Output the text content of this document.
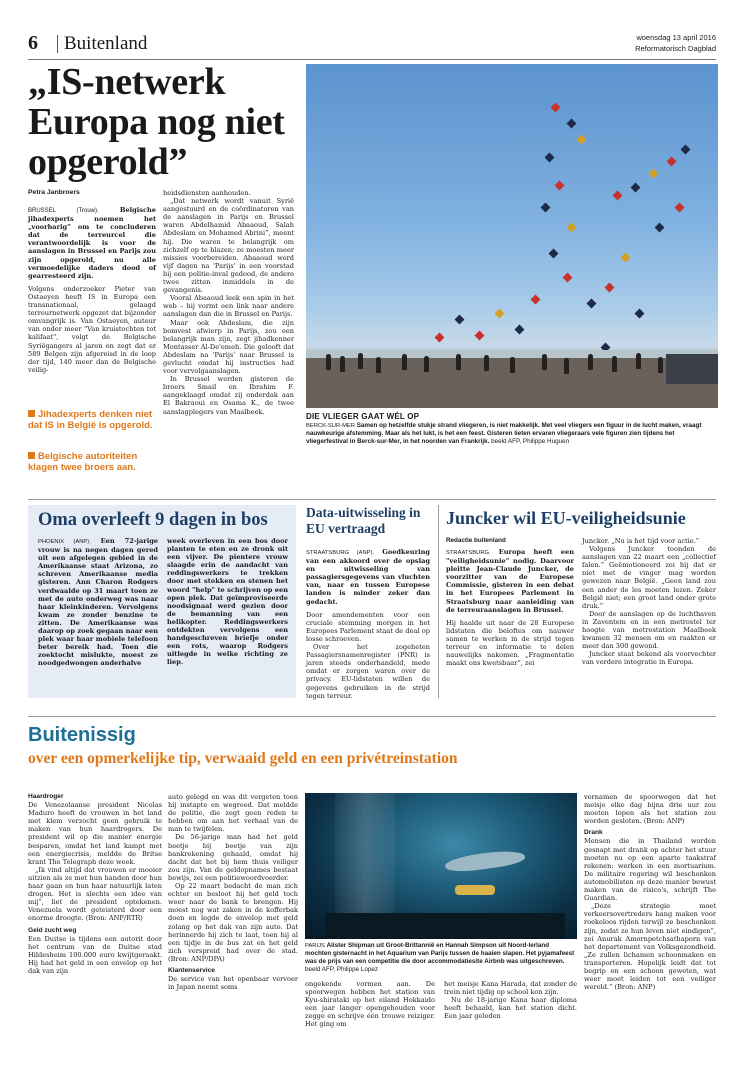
6 Buitenland	woensdag 13 april 2016
Reformatorisch Dagblad
„IS-netwerk Europa nog niet opgerold”
Petra Janbroers

BRUSSEL (Trouw).	Belgische jihadexperts noemen het „voorbarig” om te concluderen dat de terreurcel die verantwoordelijk is voor de aanslagen in Brussel en Parijs zou zijn opgerold, nu alle vermoedelijke daders dood of gearresteerd zijn.

Volgens onderzoeker Pieter van Ostaeyen heeft IS in Europa een transnationaal, gelaagd terreurnetwerk opgezet dat bijzonder omvangrijk is. Van Ostaeyen, auteur van onder meer "Van kruistochten tot kalifaat", volgt de Belgische Syriëgangers al jaren en zegt dat er 589 Belgen zijn afgereisd in de loop der tijd, 140 meer dan de Belgische veilig-

Jihadexperts denken niet dat IS in België is opgerold.
Belgische autoriteiten klagen twee broers aan.

heidsdiensten aanhouden.

„Dat netwerk wordt vanuit Syrië aangestuurd en de coördinatoren van de aanslagen in Parijs en Brussel waren Abdelhamid Abaaoud, Salah Abdeslam en Mohamed Abrini”, meent hij. Die waren te belangrijk om zichzelf op te blazen; ze moesten meer missies voorbereiden. Abaaoud werd vijf dagen na 'Parijs' in een voorstad bij een politie-inval gedood, de andere twee zitten inmiddels in de gevangenis.

Vooral Abaaoud leek een spin in het web – hij vormt een link naar andere aanslagen dan die in Brussel en Parijs.

Maar ook Abdeslam, die zijn bomvest afwierp in Parijs, zou een belangrijk man zijn, zegt jihadkenner Montasser Al-De'emeh. Die gelooft dat Abdeslam na 'Parijs' naar Brussel is gevlucht omdat hij instructies had voor vervolgaanslagen.

In Brussel werden gisteren de broers Smail en Ibrahim F. aangeklaagd omdat zij onderdak aan El Bakraoui en Osama K., de twee aanslagplegers van Maalbeek.

DIE VLIEGER GAAT WÉL OP
BERCK-SUR-MER Samen op hetzelfde stukje strand vliegeren, is niet makkelijk. Met veel vliegers een figuur in de lucht maken, vraagt nauwkeurige afstemming. Maar als het lukt, is het een feest. Gisteren lieten ervaren vliegeraars vele figuren zien tijdens het vliegerfestival in Berck-sur-Mer, in het noorden van Frankrijk. beeld AFP, Philippe Huguen
Oma overleeft 9 dagen in bos

PHOENIX (ANP). Een 72-jarige vrouw is na negen dagen gered uit een afgelegen gebied in de Amerikaanse staat Arizona, zo schreven Amerikaanse media gisteren. Ann Charon Rodgers verdwaalde op 31 maart toen ze met de auto onderweg was naar haar kleinkinderen. Vervolgens kwam ze zonder benzine te zitten. De Amerikaanse was daarop op zoek gegaan naar een plek waar haar mobiele telefoon beter bereik had. Toen die zoektocht mislukte, moest ze noodgedwongen anderhalve

week overleven in een bos door planten te eten en ze dronk uit een vijver. De pientere vrouw slaagde erin de aandacht van reddingswerkers te trekken door met stokken en stenen het woord "help" te schrijven op een open plek. Dat geïmproviseerde noodsignaal werd gezien door de bemanning van een helikopter. Reddingswerkers ontdekten vervolgens een handgeschreven briefje onder een rots, waarop Rodgers uitlegde in welke richting ze liep.

Data-uitwisseling in EU vertraagd

STRAATSBURG (ANP). Goedkeuring van een akkoord over de opslag en uitwisseling van passagiersgegevens van vluchten van, naar en tussen Europese landen is minder zeker dan gedacht.

Door amendementen voor een cruciale stemming morgen in het Europees Parlement staat de deal op losse schroeven.

Over het zogeheten Passagiersnamenregister (PNR) is jaren steeds onderhandeld, mede omdat er zorgen waren over de privacy. EU-lidstaten willen de gegevens gebruiken in de strijd tegen terreur.

Juncker wil EU-veiligheidsunie
Redactie buitenland

STRAATSBURG. Europa heeft een "veiligheidsunie" nodig. Daarvoor pleitte Jean-Claude Juncker, de voorzitter van de Europese Commissie, gisteren in een debat in het Europees Parlement in Straatsburg naar aanleiding van de terreuraanslagen in Brussel.

Hij haalde uit naar de 28 Europese lidstaten die beloftes om nauwer samen te werken in de strijd tegen terreur en informatie te delen nauwelijks nakomen. „Fragmentatie maakt ons kwetsbaar”, zei

Juncker. „Nu is het tijd voor actie.”

Volgens Juncker toonden de aanslagen van 22 maart een „collectief falen.” Geëmotioneerd zei hij dat er niet met de vinger mag worden gewezen naar België. „Geen land zou een ander de les moeten lezen. Zeker België niet; een groot land onder grote druk.”

Door de aanslagen op de luchthaven in Zaventem en in een metrostel ter hoogte van metrostation Maalbeek kwamen 32 mensen om en raakten er meer dan 300 gewond.

Juncker staat bekend als voorvechter van verdere integratie in Europa.

Buitenissig
over een opmerkelijke tip, verwaaid geld en een privétreinstation

Haardroger

De Venezolaanse president Nicolas Maduro heeft de vrouwen in het land met klem verzocht geen gebruik te maken van hun haardrogers. De president wil op die manier energie besparen, omdat het land kampt met een energiecrisis, meldde de Britse krant The Telegraph deze week.

„Ik vind altijd dat vrouwen er mooier uitzien als ze met hun handen door hun haar gaan en hun haar natuurlijk laten drogen. Het is slechts een idee van mij”, liet de president optekenen. Venezuela wordt geteisterd door een enorme droogte. (Bron: ANP/RTR)

Geld zucht weg

Een Duitse is tijdens een autorit door het centrum van de Duitse stad Hildesheim 100.000 euro kwijtgeraakt. Hij had het geld in een envelop op het dak van zijn

auto gelegd en was dit vergeten toen hij instapte en wegreed. Dat meldde de politie, die zegt geen reden te hebben om aan het verhaal van de man te twijfelen.

De 56-jarige man had het geld beetje bij beetje van zijn bankrekening gehaald, omdat hij dacht dat het bij hem thuis veiliger zou zijn. Van de geldopnames bestaat bewijs, zei een politiewoordvoerder.

Op 22 maart bedacht de man zich echter en besloot hij het geld toch weer naar de bank te brengen. Hij moest nog wat zaken in de kofferbak doen en legde de envelop met geld zolang op het dak van zijn auto. Dat herinnerde hij zich te laat, toen hij al een tijdje in de bus zat en het geld zich verspreid had over de stad. (Bron: ANP/DPA)

Klantenservice

De service van het openbaar vervoer in Japan neemt soms

PARIJS Alister Shipman uit Groot-Brittannië en Hannah Simpson uit Noord-Ierland mochten gisternacht in het Aquarium van Parijs tussen de haaien slapen. Het pyjamafeest was de prijs van een competitie die door accommodatiesite Airbnb was uitgeschreven. beeld AFP, Philippe Lopez

ongekende vormen aan. De spoorwegen hebben het station van Kyu-shirataki op het eiland Hokkaido een jaar langer opengehouden voor zegge en schrijve één trouwe reiziger. Het ging om

het meisje Kana Harada, dat zonder de trein niet tijdig op school kon zijn.

Nu de 18-jarige Kana haar diploma heeft behaald, kan het station dicht. Een jaar geleden

vernamen de spoorwegen dat het meisje elke dag bijna drie uur zou moeten lopen als het station zou worden gesloten. (Bron: ANP)

Drank

Mensen die in Thailand worden gesnapt met drank op achter het stuur moeten nu op een aparte taakstraf rekenen: werken in een mortuarium. De militaire regering wil beschonken automobilisten op deze manier bewust maken van de risico's, schrijft The Guardian.

„Deze strategie moet verkeersovertreders bang maken voor roekeloos rijden terwijl ze beschonken zijn, zodat ze hun leven niet eindigen”, zei Anurak Amornpetchsathaporn van het departement van Volksgezondheid. „Ze zullen lichamen schoonmaken en transporteren. Hopelijk leidt dat tot begrip en een schoon geweten, wat weer moet leiden tot een veiliger wereld.” (Bron: ANP)
